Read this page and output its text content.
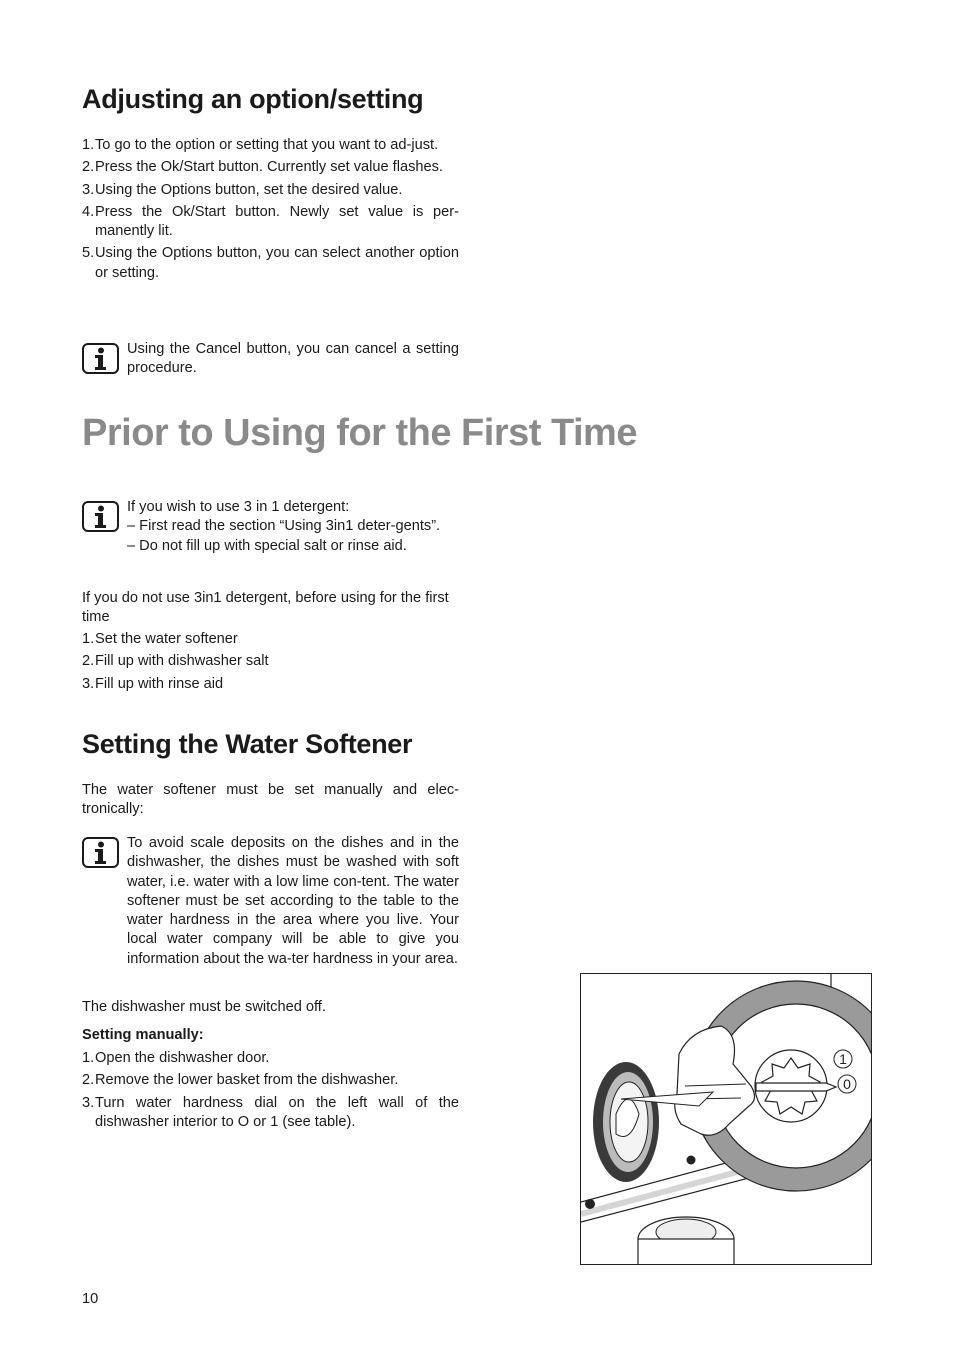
Adjusting an option/setting
1. To go to the option or setting that you want to ad-just.
2. Press the Ok/Start button. Currently set value flashes.
3. Using the Options button, set the desired value.
4. Press the Ok/Start button. Newly set value is per-manently lit.
5. Using the Options button, you can select another option or setting.

Using the Cancel button, you can cancel a setting procedure.

Prior to Using for the First Time

If you wish to use 3 in 1 detergent:

– First read the section “Using 3in1 deter-gents”.

– Do not fill up with special salt or rinse aid.

If you do not use 3in1 detergent, before using for the first time

1. Set the water softener
2. Fill up with dishwasher salt
3. Fill up with rinse aid
Setting the Water Softener

The water softener must be set manually and elec-tronically:

To avoid scale deposits on the dishes and in the dishwasher, the dishes must be washed with soft water, i.e. water with a low lime con-tent. The water softener must be set according to the table to the water hardness in the area where you live. Your local water company will be able to give you information about the wa-ter hardness in your area.

The dishwasher must be switched off.

Setting manually:

1. Open the dishwasher door.
2. Remove the lower basket from the dishwasher.
3. Turn water hardness dial on the left wall of the dishwasher interior to O or 1 (see table).
1
0
10
